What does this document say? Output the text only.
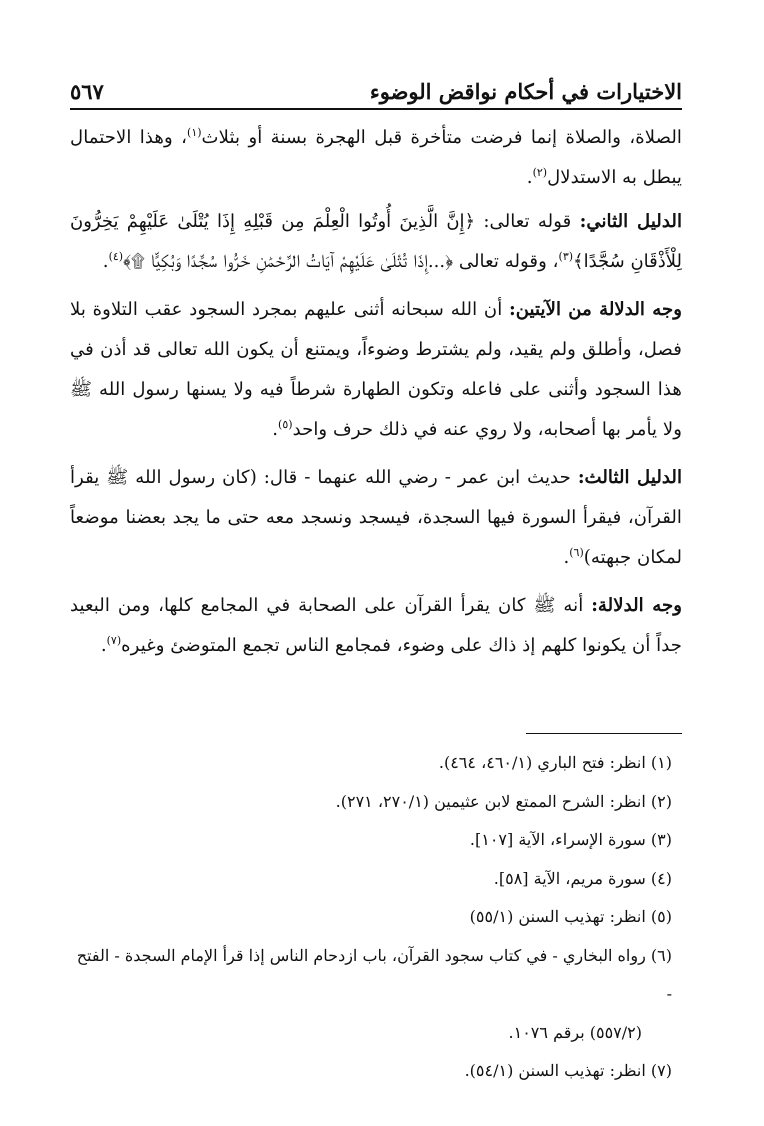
الاختيارات في أحكام نواقض الوضوء
٥٦٧

الصلاة، والصلاة إنما فرضت متأخرة قبل الهجرة بسنة أو بثلاث$^{(١)}$، وهذا الاحتمال يبطل به الاستدلال$^{(٢)}$.

الدليل الثاني: قوله تعالى: ﴿إِنَّ الَّذِينَ أُوتُوا الْعِلْمَ مِن قَبْلِهِ إِذَا يُتْلَىٰ عَلَيْهِمْ يَخِرُّونَ لِلْأَذْقَانِ سُجَّدًا﴾$^{(٣)}$، وقوله تعالى ﴿...إِذَا تُتْلَىٰ عَلَيْهِمْ آيَاتُ الرَّحْمَٰنِ خَرُّوا سُجَّدًا وَبُكِيًّا ۩﴾$^{(٤)}$.

وجه الدلالة من الآيتين: أن الله سبحانه أثنى عليهم بمجرد السجود عقب التلاوة بلا فصل، وأطلق ولم يقيد، ولم يشترط وضوءاً، ويمتنع أن يكون الله تعالى قد أذن في هذا السجود وأثنى على فاعله وتكون الطهارة شرطاً فيه ولا يسنها رسول الله ﷺ ولا يأمر بها أصحابه، ولا روي عنه في ذلك حرف واحد$^{(٥)}$.

الدليل الثالث: حديث ابن عمر - رضي الله عنهما - قال: (كان رسول الله ﷺ يقرأ القرآن، فيقرأ السورة فيها السجدة، فيسجد ونسجد معه حتى ما يجد بعضنا موضعاً لمكان جبهته)$^{(٦)}$.

وجه الدلالة: أنه ﷺ كان يقرأ القرآن على الصحابة في المجامع كلها، ومن البعيد جداً أن يكونوا كلهم إذ ذاك على وضوء، فمجامع الناس تجمع المتوضئ وغيره$^{(٧)}$.

(١) انظر: فتح الباري (٤٦٠/١، ٤٦٤).

(٢) انظر: الشرح الممتع لابن عثيمين (٢٧٠/١، ٢٧١).

(٣) سورة الإسراء، الآية [١٠٧].

(٤) سورة مريم، الآية [٥٨].

(٥) انظر: تهذيب السنن (٥٥/١)

(٦) رواه البخاري - في كتاب سجود القرآن، باب ازدحام الناس إذا قرأ الإمام السجدة - الفتح -

(٥٥٧/٢) برقم ١٠٧٦.

(٧) انظر: تهذيب السنن (٥٤/١).
